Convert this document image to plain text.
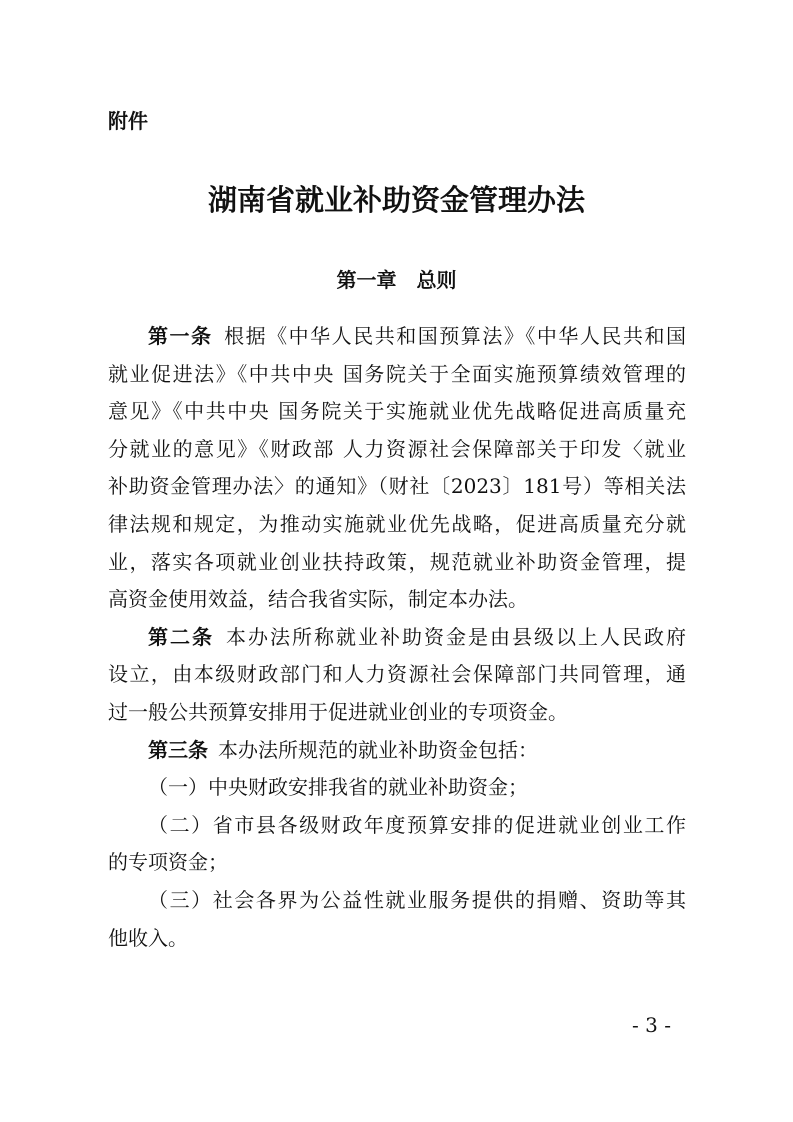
附件
湖南省就业补助资金管理办法
第一章　总则
第一条  根据《中华人民共和国预算法》《中华人民共和国
就业促进法》《中共中央 国务院关于全面实施预算绩效管理的
意见》《中共中央 国务院关于实施就业优先战略促进高质量充
分就业的意见》《财政部 人力资源社会保障部关于印发〈就业
补助资金管理办法〉的通知》（财社〔2023〕181号）等相关法
律法规和规定，为推动实施就业优先战略，促进高质量充分就
业，落实各项就业创业扶持政策，规范就业补助资金管理，提
高资金使用效益，结合我省实际，制定本办法。
第二条  本办法所称就业补助资金是由县级以上人民政府
设立，由本级财政部门和人力资源社会保障部门共同管理，通
过一般公共预算安排用于促进就业创业的专项资金。
第三条  本办法所规范的就业补助资金包括：
（一）中央财政安排我省的就业补助资金；
（二）省市县各级财政年度预算安排的促进就业创业工作
的专项资金；
（三）社会各界为公益性就业服务提供的捐赠、资助等其
他收入。
- 3 -
